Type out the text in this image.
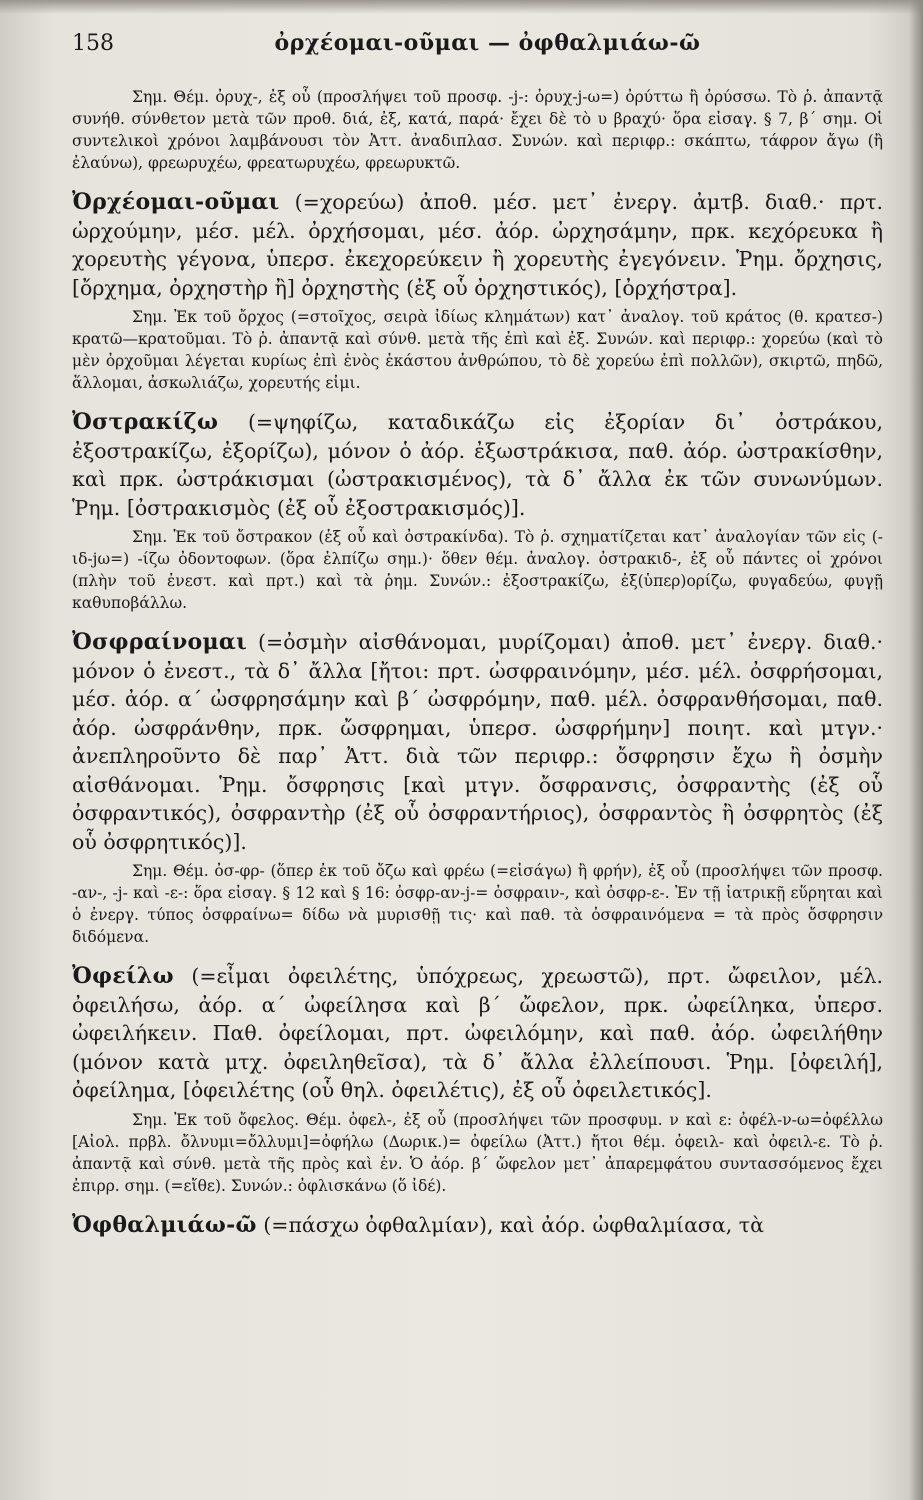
158	ὀρχέομαι-οῦμαι — ὀφθαλμιάω-ῶ

Σημ. Θέμ. ὀρυχ-, ἐξ οὗ (προσλήψει τοῦ προσφ. -j-: ὀρυχ-j-ω=) ὀρύττω ἢ ὀρύσσω. Τὸ ῥ. ἀπαντᾷ συνήθ. σύνθετον μετὰ τῶν προθ. διά, ἐξ, κατά, παρά· ἔχει δὲ τὸ υ βραχύ· ὅρα εἰσαγ. § 7, β΄ σημ. Οἱ συντελικοὶ χρόνοι λαμβάνουσι τὸν Ἀττ. ἀναδιπλασ. Συνών. καὶ περιφρ.: σκάπτω, τάφρον ἄγω (ἢ ἐλαύνω), φρεωρυχέω, φρεατωρυχέω, φρεωρυκτῶ.

Ὀρχέομαι-οῦμαι (=χορεύω) ἀποθ. μέσ. μετ᾽ ἐνεργ. ἀμτβ. διαθ.· πρτ. ὠρχούμην, μέσ. μέλ. ὀρχήσομαι, μέσ. ἀόρ. ὠρχησάμην, πρκ. κεχόρευκα ἢ χορευτὴς γέγονα, ὑπερσ. ἐκεχορεύκειν ἢ χορευτὴς ἐγεγόνειν. Ῥημ. ὄρχησις, [ὄρχημα, ὀρχηστὴρ ἢ] ὀρχηστὴς (ἐξ οὗ ὀρχηστικός), [ὀρχήστρα].

Σημ. Ἐκ τοῦ ὄρχος (=στοῖχος, σειρὰ ἰδίως κλημάτων) κατ᾽ ἀναλογ. τοῦ κράτος (θ. κρατεσ-) κρατῶ—κρατοῦμαι. Τὸ ῥ. ἀπαντᾷ καὶ σύνθ. μετὰ τῆς ἐπὶ καὶ ἐξ. Συνών. καὶ περιφρ.: χορεύω (καὶ τὸ μὲν ὀρχοῦμαι λέγεται κυρίως ἐπὶ ἑνὸς ἑκάστου ἀνθρώπου, τὸ δὲ χορεύω ἐπὶ πολλῶν), σκιρτῶ, πηδῶ, ἅλλομαι, ἀσκωλιάζω, χορευτής εἰμι.

Ὀστρακίζω (=ψηφίζω, καταδικάζω εἰς ἐξορίαν δι᾽ ὀστράκου, ἐξοστρακίζω, ἐξορίζω), μόνον ὁ ἀόρ. ἐξωστράκισα, παθ. ἀόρ. ὠστρακίσθην, καὶ πρκ. ὠστράκισμαι (ὠστρακισμένος), τὰ δ᾽ ἄλλα ἐκ τῶν συνωνύμων. Ῥημ. [ὀστρακισμὸς (ἐξ οὗ ἐξοστρακισμός)].

Σημ. Ἐκ τοῦ ὄστρακον (ἐξ οὗ καὶ ὀστρακίνδα). Τὸ ῥ. σχηματίζεται κατ᾽ ἀναλογίαν τῶν εἰς (-ιδ-jω=) -ίζω ὀδοντοφων. (ὅρα ἐλπίζω σημ.)· ὅθεν θέμ. ἀναλογ. ὀστρακιδ-, ἐξ οὗ πάντες οἱ χρόνοι (πλὴν τοῦ ἐνεστ. καὶ πρτ.) καὶ τὰ ῥημ. Συνών.: ἐξοστρακίζω, ἐξ(ὑπερ)ορίζω, φυγαδεύω, φυγῇ καθυποβάλλω.

Ὀσφραίνομαι (=ὀσμὴν αἰσθάνομαι, μυρίζομαι) ἀποθ. μετ᾽ ἐνεργ. διαθ.· μόνον ὁ ἐνεστ., τὰ δ᾽ ἄλλα [ἤτοι: πρτ. ὠσφραινόμην, μέσ. μέλ. ὀσφρήσομαι, μέσ. ἀόρ. α΄ ὠσφρησάμην καὶ β΄ ὠσφρόμην, παθ. μέλ. ὀσφρανθήσομαι, παθ. ἀόρ. ὠσφράνθην, πρκ. ὤσφρημαι, ὑπερσ. ὠσφρήμην] ποιητ. καὶ μτγν.· ἀνεπληροῦντο δὲ παρ᾽ Ἀττ. διὰ τῶν περιφρ.: ὄσφρησιν ἔχω ἢ ὀσμὴν αἰσθάνομαι. Ῥημ. ὄσφρησις [καὶ μτγν. ὄσφρανσις, ὀσφραντὴς (ἐξ οὗ ὀσφραντικός), ὀσφραντὴρ (ἐξ οὗ ὀσφραντήριος), ὀσφραντὸς ἢ ὀσφρητὸς (ἐξ οὗ ὀσφρητικός)].

Σημ. Θέμ. ὀσ-φρ- (ὅπερ ἐκ τοῦ ὄζω καὶ φρέω (=εἰσάγω) ἢ φρήν), ἐξ οὗ (προσλήψει τῶν προσφ. -αν-, -j- καὶ -ε-: ὅρα εἰσαγ. § 12 καὶ § 16: ὀσφρ-αν-j-= ὀσφραιν-, καὶ ὀσφρ-ε-. Ἐν τῇ ἰατρικῇ εὕρηται καὶ ὁ ἐνεργ. τύπος ὀσφραίνω= δίδω νὰ μυρισθῇ τις· καὶ παθ. τὰ ὀσφραινόμενα = τὰ πρὸς ὄσφρησιν διδόμενα.

Ὀφείλω (=εἶμαι ὀφειλέτης, ὑπόχρεως, χρεωστῶ), πρτ. ὤφειλον, μέλ. ὀφειλήσω, ἀόρ. α΄ ὠφείλησα καὶ β΄ ὤφελον, πρκ. ὠφείληκα, ὑπερσ. ὠφειλήκειν. Παθ. ὀφείλομαι, πρτ. ὠφειλόμην, καὶ παθ. ἀόρ. ὠφειλήθην (μόνον κατὰ μτχ. ὀφειληθεῖσα), τὰ δ᾽ ἄλλα ἐλλείπουσι. Ῥημ. [ὀφειλή], ὀφείλημα, [ὀφειλέτης (οὗ θηλ. ὀφειλέτις), ἐξ οὗ ὀφειλετικός].

Σημ. Ἐκ τοῦ ὄφελος. Θέμ. ὀφελ-, ἐξ οὗ (προσλήψει τῶν προσφυμ. ν καὶ ε: ὀφέλ-ν-ω=ὀφέλλω [Αἰολ. πρβλ. ὄλνυμι=ὄλλυμι]=ὀφήλω (Δωρικ.)= ὀφείλω (Ἀττ.) ἤτοι θέμ. ὀφειλ- καὶ ὀφειλ-ε. Τὸ ῥ. ἀπαντᾷ καὶ σύνθ. μετὰ τῆς πρὸς καὶ ἐν. Ὁ ἀόρ. β΄ ὤφελον μετ᾽ ἀπαρεμφάτου συντασσόμενος ἔχει ἐπιρρ. σημ. (=εἴθε). Συνών.: ὀφλισκάνω (ὅ ἰδέ).

Ὀφθαλμιάω-ῶ (=πάσχω ὀφθαλμίαν), καὶ ἀόρ. ὠφθαλμίασα, τὰ
